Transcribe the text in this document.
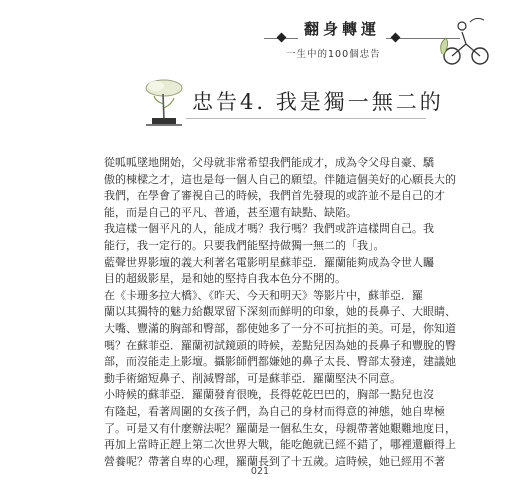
翻身轉運
一生中的100個忠告
忠告4. 我是獨一無二的
從呱呱墜地開始，父母就非常希望我們能成才，成為令父母自豪、驕
傲的棟樑之才，這也是每一個人自己的願望。伴隨這個美好的心願長大的
我們，在學會了審視自己的時候，我們首先發現的或許並不是自己的才
能，而是自己的平凡、普通，甚至還有缺點、缺陷。
我這樣一個平凡的人，能成才嗎？我行嗎？我們或許這樣問自己。我
能行，我一定行的。只要我們能堅持做獨一無二的「我」。
藍聲世界影壇的義大利著名電影明星蘇菲亞．羅蘭能夠成為令世人矚
目的超級影星，是和她的堅持自我本色分不開的。
在《卡珊多拉大橋》、《昨天、今天和明天》等影片中，蘇菲亞．羅
蘭以其獨特的魅力給觀眾留下深刻而鮮明的印象，她的長鼻子、大眼睛、
大嘴、豐滿的胸部和臀部，都使她多了一分不可抗拒的美。可是，你知道
嗎？在蘇菲亞．羅蘭初試鏡頭的時候，差點兒因為她的長鼻子和豐脫的臀
部，而沒能走上影壇。攝影師們都嫌她的鼻子太長、臀部太發達，建議她
動手術縮短鼻子、削減臀部，可是蘇菲亞．羅蘭堅決不同意。
小時候的蘇菲亞．羅蘭發育很晚，長得乾乾巴巴的，胸部一點兒也沒
有隆起，看著周圍的女孩子們，為自己的身材而得意的神態，她自卑極
了。可是又有什麼辦法呢？羅蘭是一個私生女，母親帶著她艱難地度日，
再加上當時正趕上第二次世界大戰，能吃飽就已經不錯了，哪裡還顧得上
營養呢？帶著自卑的心理，羅蘭長到了十五歲。這時候，她已經用不著
021
